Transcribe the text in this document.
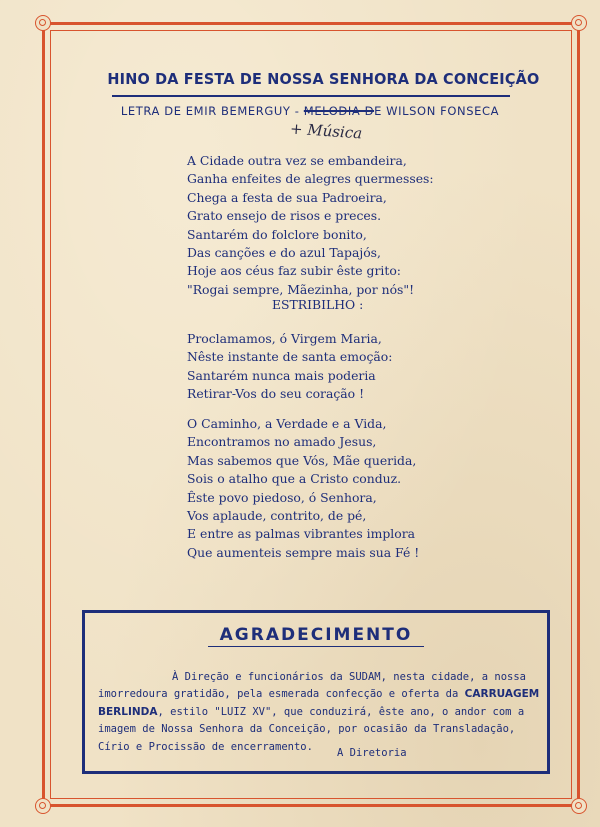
HINO DA FESTA DE NOSSA SENHORA DA CONCEIÇÃO
LETRA DE EMIR BEMERGUY - MELODIA DE WILSON FONSECA
+ Música
A Cidade outra vez se embandeira,
Ganha enfeites de alegres quermesses:
Chega a festa de sua Padroeira,
Grato ensejo de risos e preces.
Santarém do folclore bonito,
Das canções e do azul Tapajós,
Hoje aos céus faz subir êste grito:
"Rogai sempre, Mãezinha, por nós"!
ESTRIBILHO :
Proclamamos, ó Virgem Maria,
Nêste instante de santa emoção:
Santarém nunca mais poderia
Retirar-Vos do seu coração !
O Caminho, a Verdade e a Vida,
Encontramos no amado Jesus,
Mas sabemos que Vós, Mãe querida,
Sois o atalho que a Cristo conduz.
Êste povo piedoso, ó Senhora,
Vos aplaude, contrito, de pé,
E entre as palmas vibrantes implora
Que aumenteis sempre mais sua Fé !
AGRADECIMENTO
À Direção e funcionários da SUDAM, nesta cidade, a nossa
imorredoura gratidão, pela esmerada confecção e oferta da CARRUAGEM
BERLINDA, estilo "LUIZ XV", que conduzirá, êste ano, o andor com a
imagem de Nossa Senhora da Conceição, por ocasião da Transladação,
Círio e Procissão de encerramento.
A Diretoria
